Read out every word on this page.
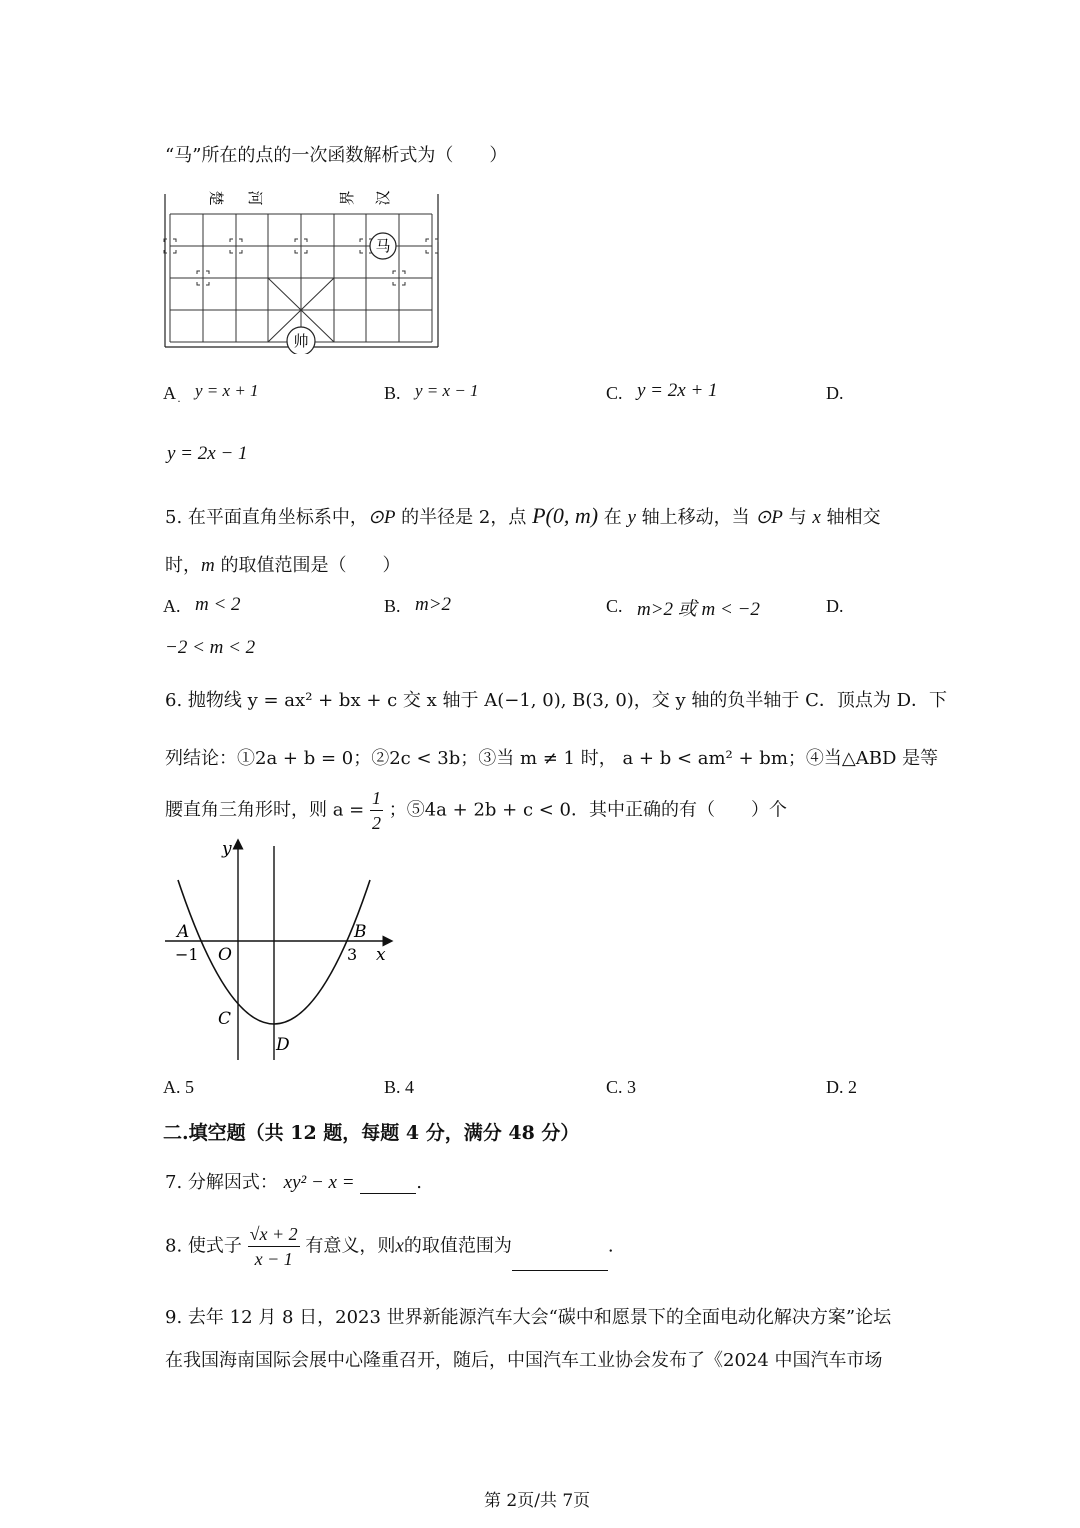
“马”所在的点的一次函数解析式为（　　）
楚 河	界 汉
马
帅
A ·
y = x + 1	B. y = x − 1	C. y = 2x + 1	D.
y = 2x − 1
5. 在平面直角坐标系中，⊙P 的半径是 2，点 P(0, m) 在 y 轴上移动，当 ⊙P 与 x 轴相交
时，m 的取值范围是（　　）
A. m < 2	B. m>2	C. m>2 或 m < −2	D.
−2 < m < 2
6. 抛物线 y = ax² + bx + c 交 x 轴于 A(−1, 0), B(3, 0)，交 y 轴的负半轴于 C．顶点为 D．下
列结论：①2a + b = 0；②2c < 3b；③当 m ≠ 1 时， a + b < am² + bm；④当△ABD 是等
腰直角三角形时，则 $a = \frac{1}{2}$ ；⑤4a + 2b + c < 0．其中正确的有（　　）个
y
x
A	B
C
D
O
−1	3
A. 5	B. 4	C. 3	D. 2
二.填空题（共 12 题，每题 4 分，满分 48 分）
7. 分解因式： xy² − x =	.
8. 使式子 $\frac{√x + 2}{x - 1}$ 有意义，则x的取值范围为	.
9. 去年 12 月 8 日，2023 世界新能源汽车大会“碳中和愿景下的全面电动化解决方案”论坛
在我国海南国际会展中心隆重召开，随后，中国汽车工业协会发布了《2024 中国汽车市场
第 2页/共 7页
